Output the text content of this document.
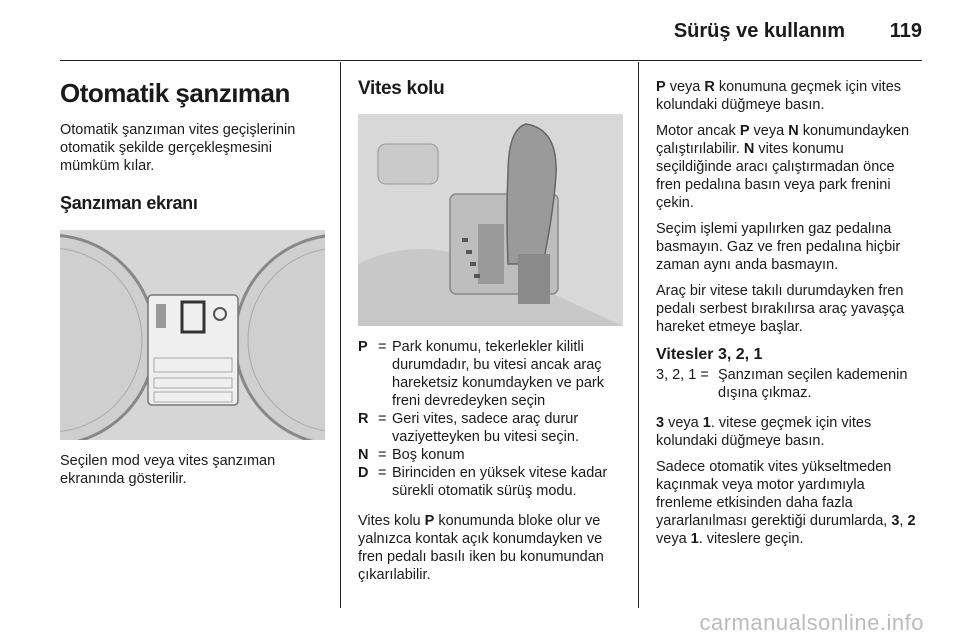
Sürüş ve kullanım 119
Otomatik şanzıman

Otomatik şanzıman vites geçişlerinin otomatik şekilde gerçekleşmesini mümküm kılar.

Şanzıman ekranı

Seçilen mod veya vites şanzıman ekranında gösterilir.

Vites kolu
P = Park konumu, tekerlekler kilitli durumdadır, bu vitesi ancak araç hareketsiz konumdayken ve park freni devredeyken seçin
R = Geri vites, sadece araç durur vaziyetteyken bu vitesi seçin.
N = Boş konum
D = Birinciden en yüksek vitese kadar sürekli otomatik sürüş modu.

Vites kolu P konumunda bloke olur ve yalnızca kontak açık konumdayken ve fren pedalı basılı iken bu konumundan çıkarılabilir.

P veya R konumuna geçmek için vites kolundaki düğmeye basın.

Motor ancak P veya N konumundayken çalıştırılabilir. N vites konumu seçildiğinde aracı çalıştırmadan önce fren pedalına basın veya park frenini çekin.

Seçim işlemi yapılırken gaz pedalına basmayın. Gaz ve fren pedalına hiçbir zaman aynı anda basmayın.

Araç bir vitese takılı durumdayken fren pedalı serbest bırakılırsa araç yavaşça hareket etmeye başlar.

Vitesler 3, 2, 1
3, 2, 1 = Şanzıman seçilen kademenin dışına çıkmaz.

3 veya 1. vitese geçmek için vites kolundaki düğmeye basın.

Sadece otomatik vites yükseltmeden kaçınmak veya motor yardımıyla frenleme etkisinden daha fazla yararlanılması gerektiği durumlarda, 3, 2 veya 1. viteslere geçin.

carmanualsonline.info
